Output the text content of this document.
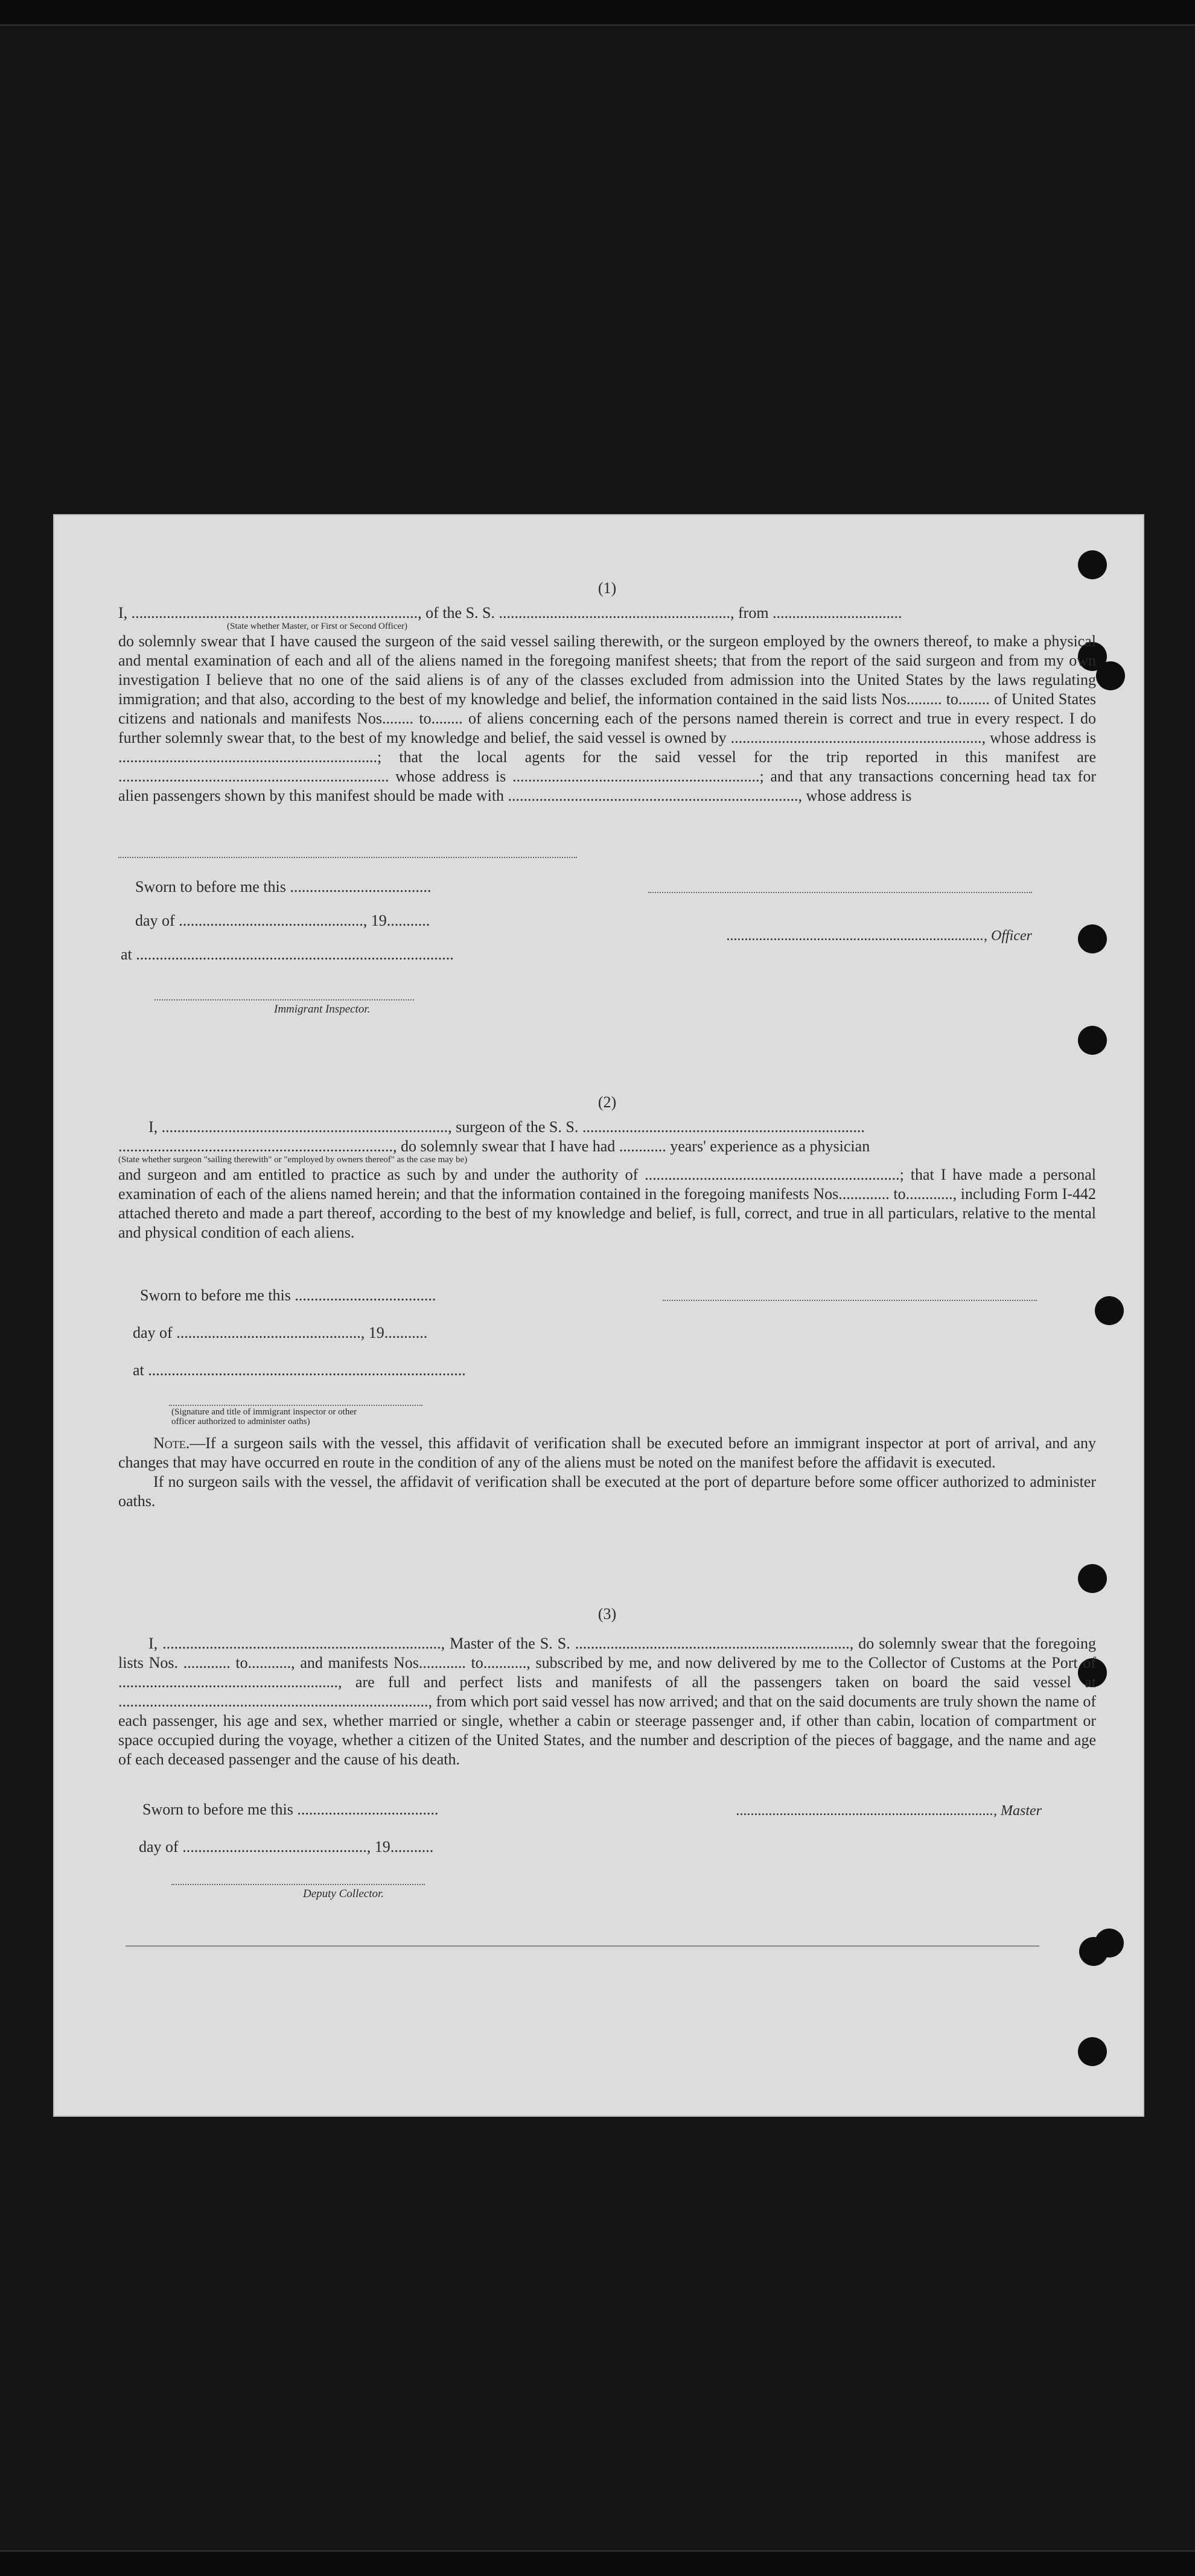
(1)
I, ........................................................................., of the S. S. ..........................................................., from .................................
(State whether Master, or First or Second Officer)

do solemnly swear that I have caused the surgeon of the said vessel sailing therewith, or the surgeon employed by the owners thereof, to make a physical and mental examination of each and all of the aliens named in the foregoing manifest sheets; that from the report of the said surgeon and from my own investigation I believe that no one of the said aliens is of any of the classes excluded from admission into the United States by the laws regulating immigration; and that also, according to the best of my knowledge and belief, the information contained in the said lists Nos......... to........ of United States citizens and nationals and manifests Nos........ to........ of aliens concerning each of the persons named therein is correct and true in every respect. I do further solemnly swear that, to the best of my knowledge and belief, the said vessel is owned by ................................................................, whose address is ..................................................................; that the local agents for the said vessel for the trip reported in this manifest are ..................................................................... whose address is ...............................................................; and that any transactions concerning head tax for alien passengers shown by this manifest should be made with .........................................................................., whose address is

Sworn to before me this ....................................
day of ..............................................., 19...........
at .................................................................................
Immigrant Inspector.
......................................................................., Officer
(2)
I, ........................................................................., surgeon of the S. S. ........................................................................
......................................................................, do solemnly swear that I have had ............ years' experience as a physician
(State whether surgeon "sailing therewith" or "employed by owners thereof" as the case may be)

and surgeon and am entitled to practice as such by and under the authority of .................................................................; that I have made a personal examination of each of the aliens named herein; and that the information contained in the foregoing manifests Nos............. to............, including Form I-442 attached thereto and made a part thereof, according to the best of my knowledge and belief, is full, correct, and true in all particulars, relative to the mental and physical condition of each aliens.

Sworn to before me this ....................................
day of ..............................................., 19...........
at .................................................................................
(Signature and title of immigrant inspector or other officer authorized to administer oaths)

Note.—If a surgeon sails with the vessel, this affidavit of verification shall be executed before an immigrant inspector at port of arrival, and any changes that may have occurred en route in the condition of any of the aliens must be noted on the manifest before the affidavit is executed.

If no surgeon sails with the vessel, the affidavit of verification shall be executed at the port of departure before some officer authorized to administer oaths.

(3)

I, ......................................................................., Master of the S. S. ......................................................................, do solemnly swear that the foregoing lists Nos. ............ to..........., and manifests Nos............ to..........., subscribed by me, and now delivered by me to the Collector of Customs at the Port of ........................................................, are full and perfect lists and manifests of all the passengers taken on board the said vessel at ..............................................................................., from which port said vessel has now arrived; and that on the said documents are truly shown the name of each passenger, his age and sex, whether married or single, whether a cabin or steerage passenger and, if other than cabin, location of compartment or space occupied during the voyage, whether a citizen of the United States, and the number and description of the pieces of baggage, and the name and age of each deceased passenger and the cause of his death.

Sworn to before me this ....................................
day of ..............................................., 19...........
Deputy Collector.
......................................................................., Master
